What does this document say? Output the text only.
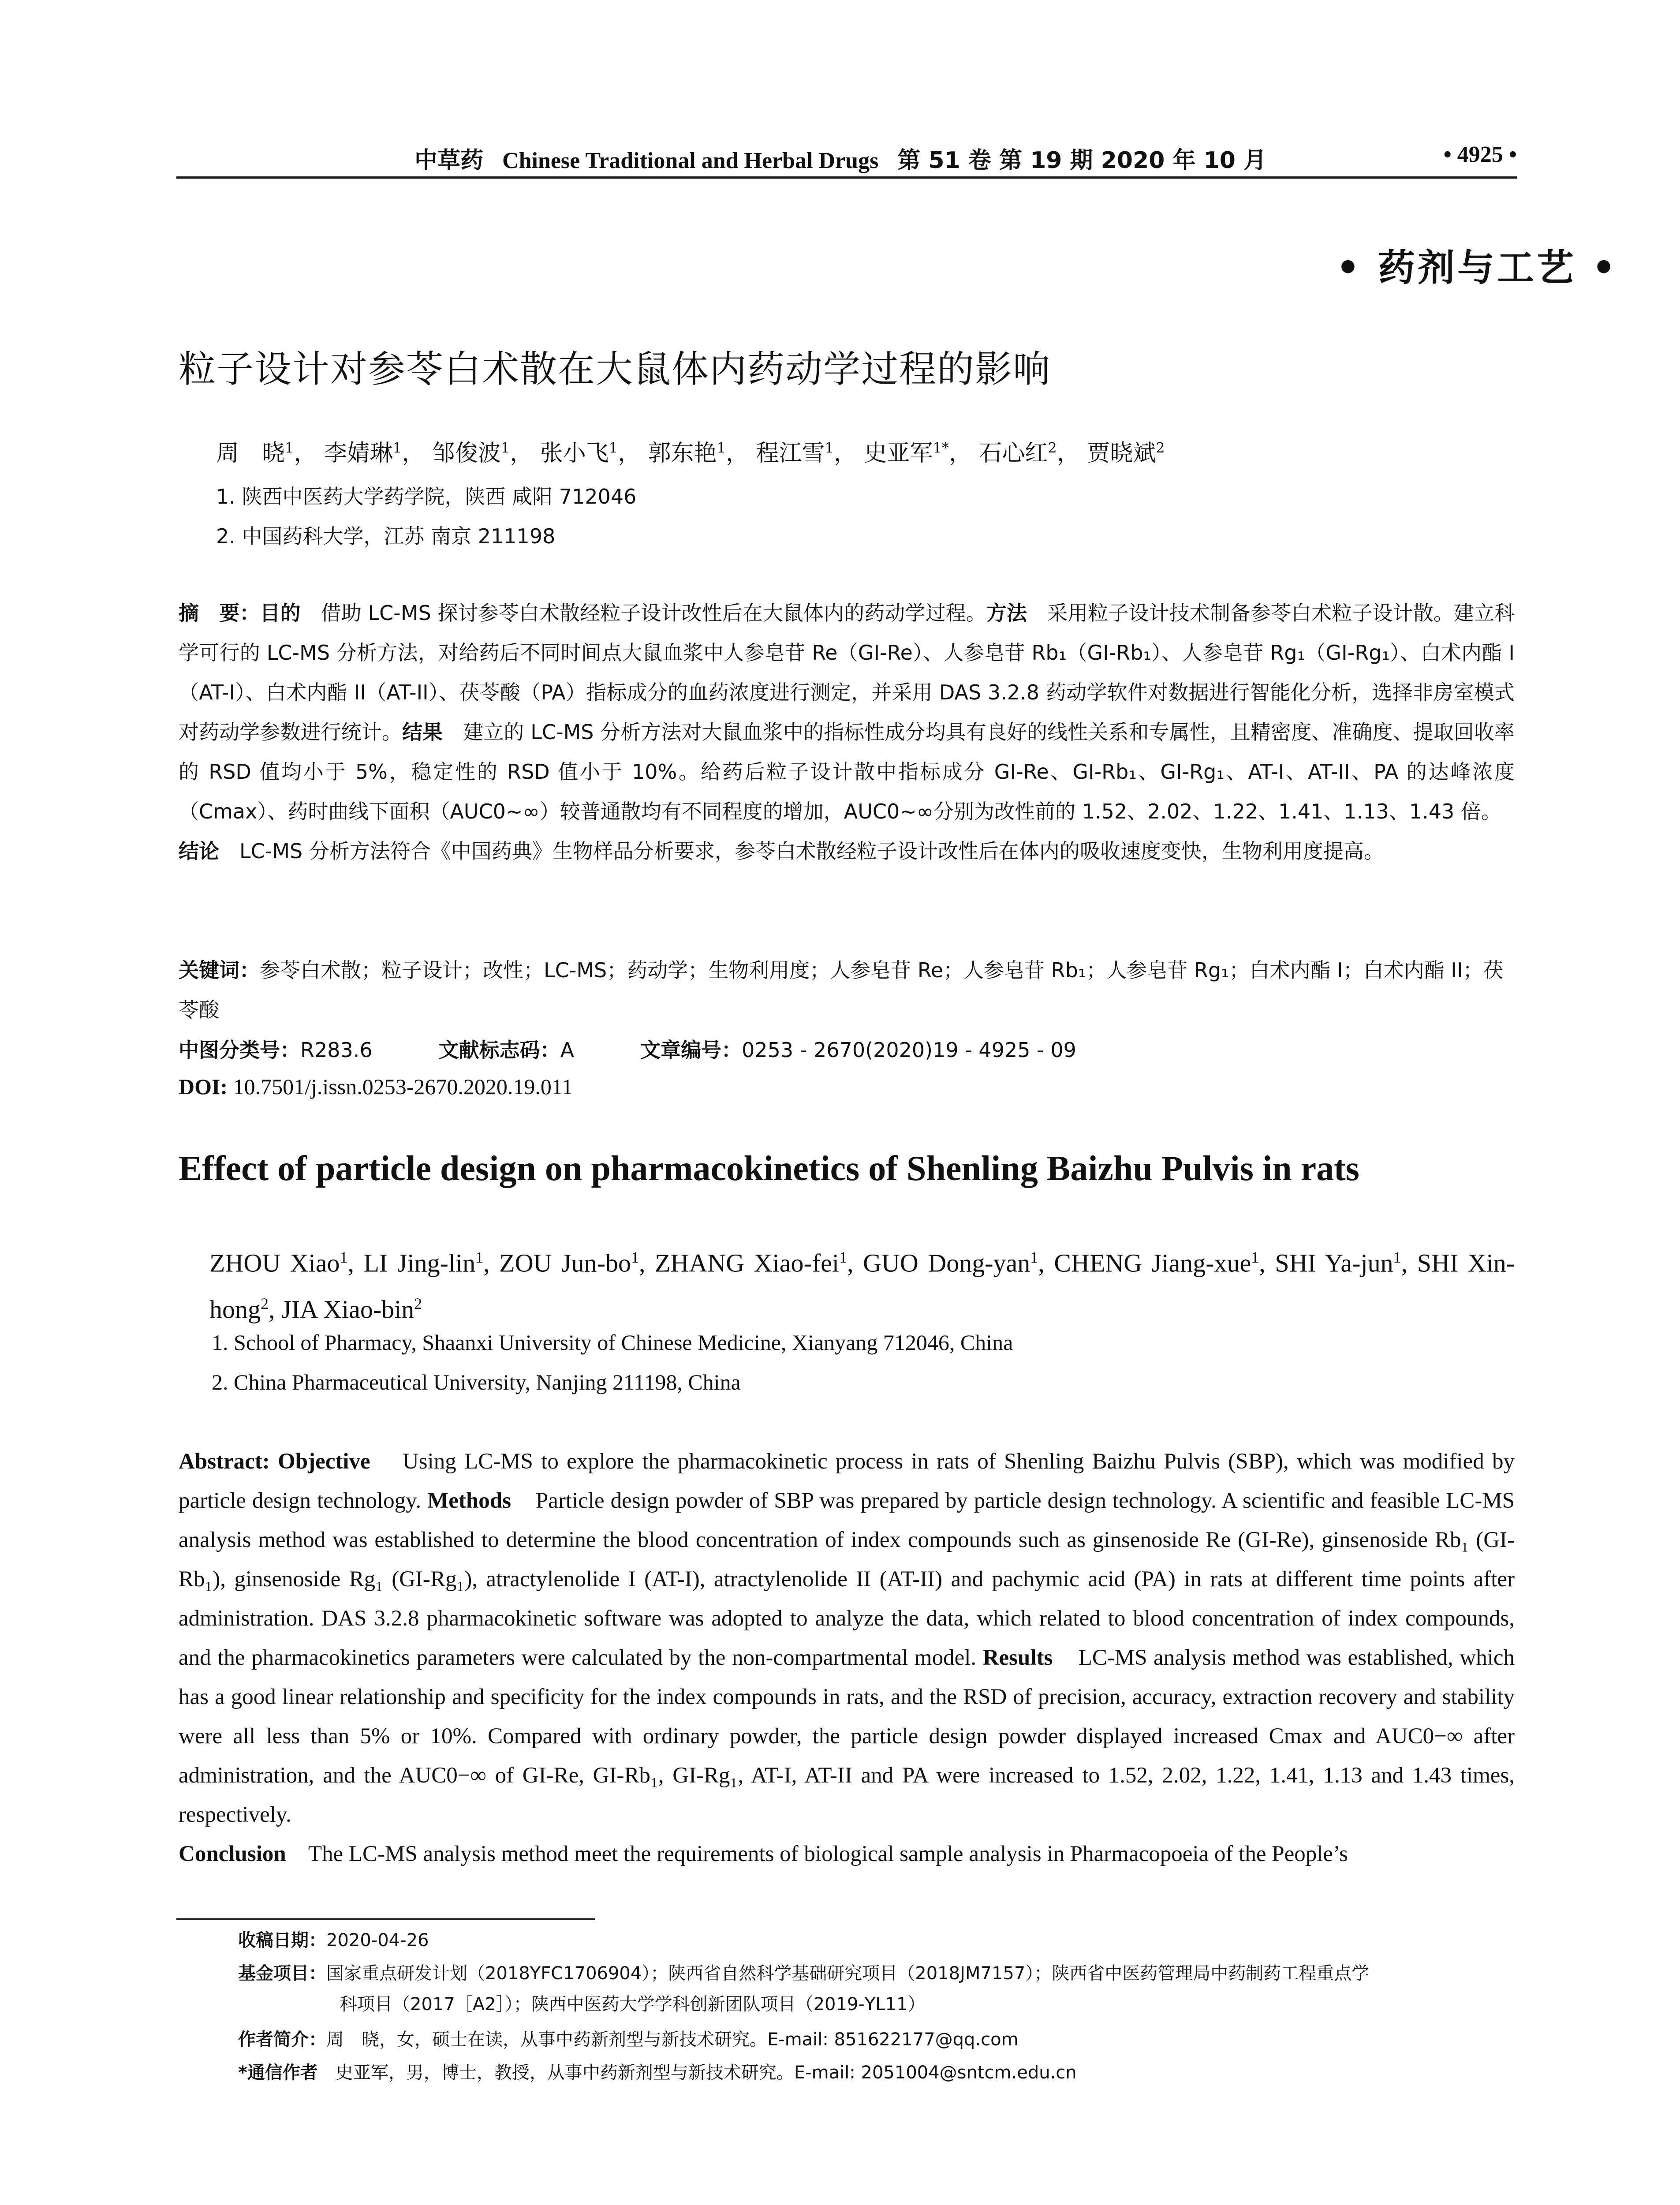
中草药 Chinese Traditional and Herbal Drugs 第 51 卷 第 19 期 2020 年 10 月	• 4925 •
• 药剂与工艺 •
粒子设计对参苓白术散在大鼠体内药动学过程的影响
周　晓$^1$， 李婧琳$^1$， 邹俊波$^1$， 张小飞$^1$， 郭东艳$^1$， 程江雪$^1$， 史亚军$^{1*}$， 石心红$^2$， 贾晓斌$^2$
1. 陕西中医药大学药学院，陕西 咸阳 712046
2. 中国药科大学，江苏 南京 211198
摘　要：目的　 借助 LC-MS 探讨参苓白术散经粒子设计改性后在大鼠体内的药动学过程。方法　 采用粒子设计技术制备参苓白术粒子设计散。建立科学可行的 LC-MS 分析方法，对给药后不同时间点大鼠血浆中人参皂苷 Re（GI-Re）、人参皂苷 Rb₁（GI-Rb₁）、人参皂苷 Rg₁（GI-Rg₁）、白术内酯 I（AT-I）、白术内酯 II（AT-II）、茯苓酸（PA）指标成分的血药浓度进行测定，并采用 DAS 3.2.8 药动学软件对数据进行智能化分析，选择非房室模式对药动学参数进行统计。结果　 建立的 LC-MS 分析方法对大鼠血浆中的指标性成分均具有良好的线性关系和专属性，且精密度、准确度、提取回收率的 RSD 值均小于 5%，稳定性的 RSD 值小于 10%。给药后粒子设计散中指标成分 GI-Re、GI-Rb₁、GI-Rg₁、AT-I、AT-II、PA 的达峰浓度（Cmax）、药时曲线下面积（AUC0~∞）较普通散均有不同程度的增加，AUC0~∞分别为改性前的 1.52、2.02、1.22、1.41、1.13、1.43 倍。
结论　 LC-MS 分析方法符合《中国药典》生物样品分析要求，参苓白术散经粒子设计改性后在体内的吸收速度变快，生物利用度提高。
关键词：参苓白术散；粒子设计；改性；LC-MS；药动学；生物利用度；人参皂苷 Re；人参皂苷 Rb₁；人参皂苷 Rg₁；白术内酯 I；白术内酯 II；茯苓酸
中图分类号：R283.6	文献标志码：A	文章编号：0253 - 2670(2020)19 - 4925 - 09
DOI: 10.7501/j.issn.0253-2670.2020.19.011
Effect of particle design on pharmacokinetics of Shenling Baizhu Pulvis in rats
ZHOU Xiao$^1$, LI Jing-lin$^1$, ZOU Jun-$bo^1$, ZHANG Xiao-fei$^1$, GUO Dong-yan$^1$, CHENG Jiang-xue$^1$, SHI Ya-jun$^1$, SHI Xin-hong$^2$, JIA Xiao-bin$^2$
1. School of Pharmacy, Shaanxi University of Chinese Medicine, Xianyang 712046, China
2. China Pharmaceutical University, Nanjing 211198, China
Abstract: Objective Using LC-MS to explore the pharmacokinetic process in rats of Shenling Baizhu Pulvis (SBP), which was modified by particle design technology. Methods Particle design powder of SBP was prepared by particle design technology. A scientific and feasible LC-MS analysis method was established to determine the blood concentration of index compounds such as ginsenoside Re (GI-Re), ginsenoside Rb₁ (GI-Rb₁), ginsenoside Rg₁ (GI-Rg₁), atractylenolide I (AT-I), atractylenolide II (AT-II) and pachymic acid (PA) in rats at different time points after administration. DAS 3.2.8 pharmacokinetic software was adopted to analyze the data, which related to blood concentration of index compounds, and the pharmacokinetics parameters were calculated by the non-compartmental model. Results LC-MS analysis method was established, which has a good linear relationship and specificity for the index compounds in rats, and the RSD of precision, accuracy, extraction recovery and stability were all less than 5% or 10%. Compared with ordinary powder, the particle design powder displayed increased Cmax and AUC0−∞ after administration, and the AUC0−∞ of GI-Re, GI-Rb₁, GI-Rg₁, AT-I, AT-II and PA were increased to 1.52, 2.02, 1.22, 1.41, 1.13 and 1.43 times, respectively.
Conclusion The LC-MS analysis method meet the requirements of biological sample analysis in Pharmacopoeia of the People’s
收稿日期：2020-04-26
基金项目：国家重点研发计划（2018YFC1706904）；陕西省自然科学基础研究项目（2018JM7157）；陕西省中医药管理局中药制药工程重点学
科项目（2017［A2］）；陕西中医药大学学科创新团队项目（2019-YL11）
作者简介：周　晓，女，硕士在读，从事中药新剂型与新技术研究。E-mail: 851622177@qq.com
*通信作者　史亚军，男，博士，教授，从事中药新剂型与新技术研究。E-mail: 2051004@sntcm.edu.cn
